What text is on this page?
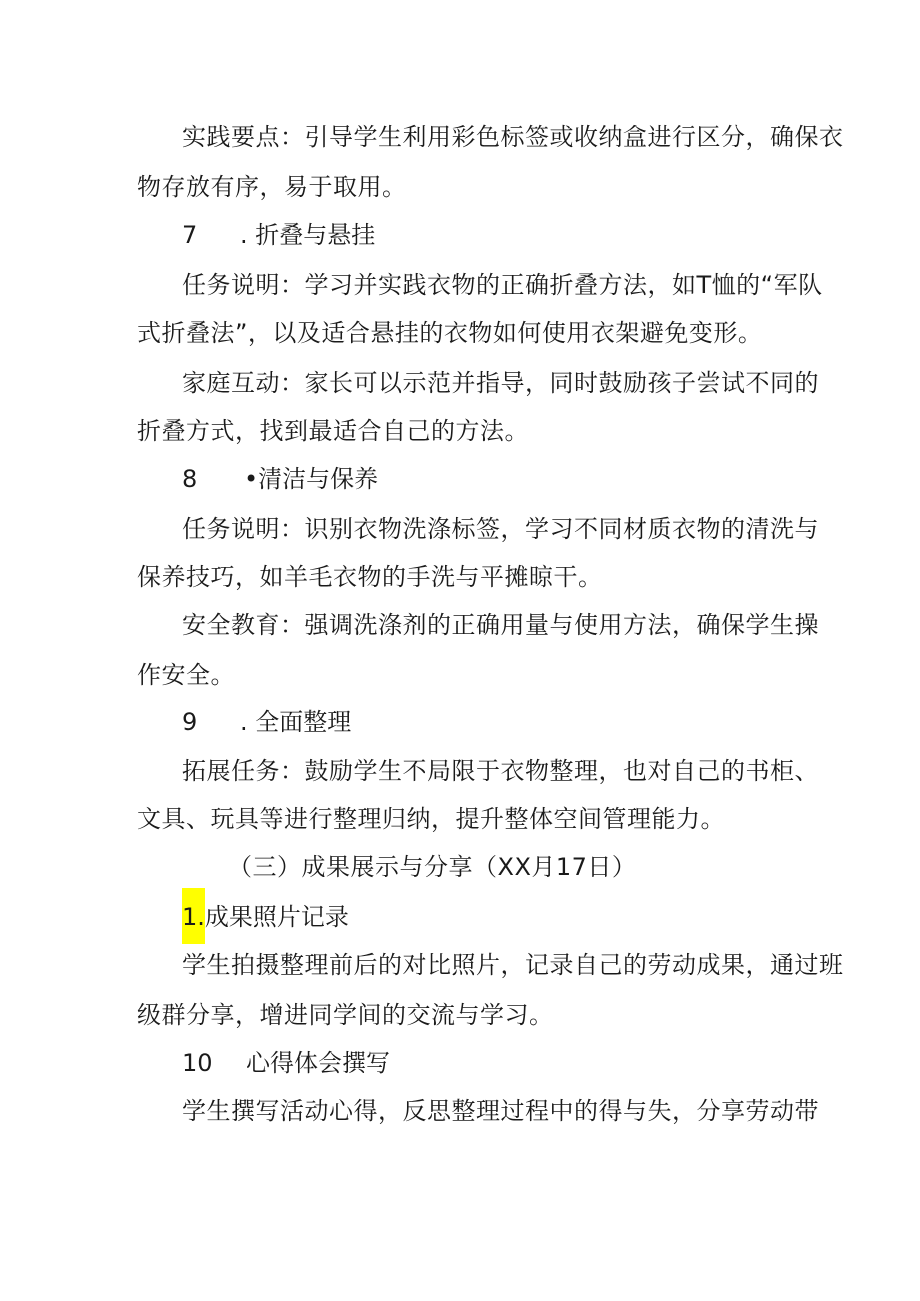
实践要点：引导学生利用彩色标签或收纳盒进行区分，确保衣
物存放有序，易于取用。
7 . 折叠与悬挂
任务说明：学习并实践衣物的正确折叠方法，如T恤的“军队
式折叠法”，以及适合悬挂的衣物如何使用衣架避免变形。
家庭互动：家长可以示范并指导，同时鼓励孩子尝试不同的
折叠方式，找到最适合自己的方法。
8 •清洁与保养
任务说明：识别衣物洗涤标签，学习不同材质衣物的清洗与
保养技巧，如羊毛衣物的手洗与平摊晾干。
安全教育：强调洗涤剂的正确用量与使用方法，确保学生操
作安全。
9 . 全面整理
拓展任务：鼓励学生不局限于衣物整理，也对自己的书柜、
文具、玩具等进行整理归纳，提升整体空间管理能力。
（三）成果展示与分享（XX月17日）
1.成果照片记录
学生拍摄整理前后的对比照片，记录自己的劳动成果，通过班
级群分享，增进同学间的交流与学习。
10 心得体会撰写
学生撰写活动心得，反思整理过程中的得与失，分享劳动带
